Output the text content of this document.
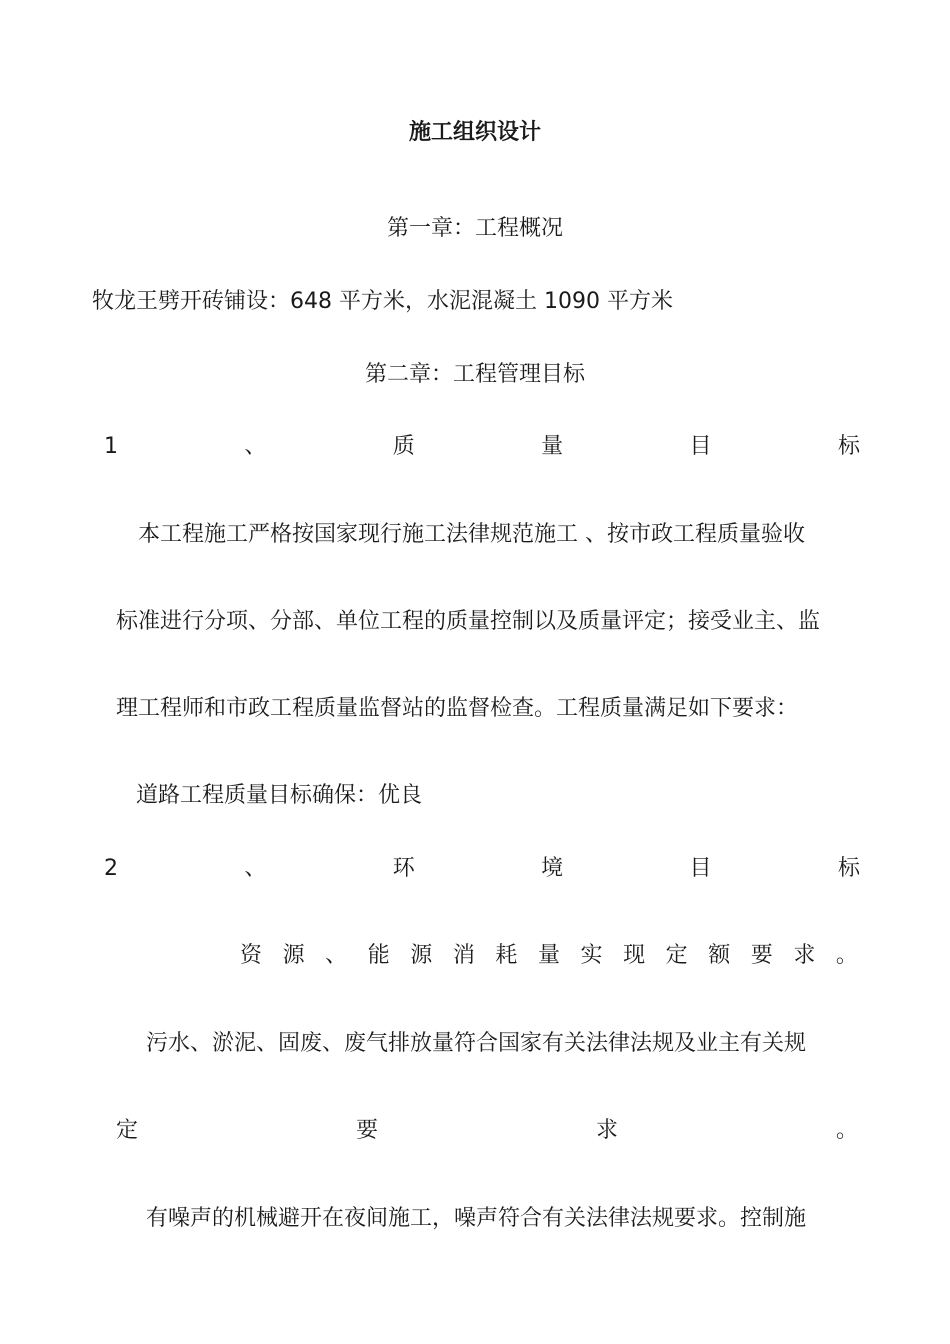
施工组织设计
第一章：工程概况
牧龙王劈开砖铺设：648 平方米，水泥混凝土 1090 平方米
第二章：工程管理目标
1	、	质	量	目	标
本工程施工严格按国家现行施工法律规范施工 、按市政工程质量验收
标准进行分项、分部、单位工程的质量控制以及质量评定；接受业主、监
理工程师和市政工程质量监督站的监督检查。工程质量满足如下要求：
道路工程质量目标确保：优良
2	、	环	境	目	标
资 源 、 能 源 消 耗 量 实 现 定 额 要 求 。
污水、淤泥、固废、废气排放量符合国家有关法律法规及业主有关规
定	要	求	。
有噪声的机械避开在夜间施工，噪声符合有关法律法规要求。控制施
